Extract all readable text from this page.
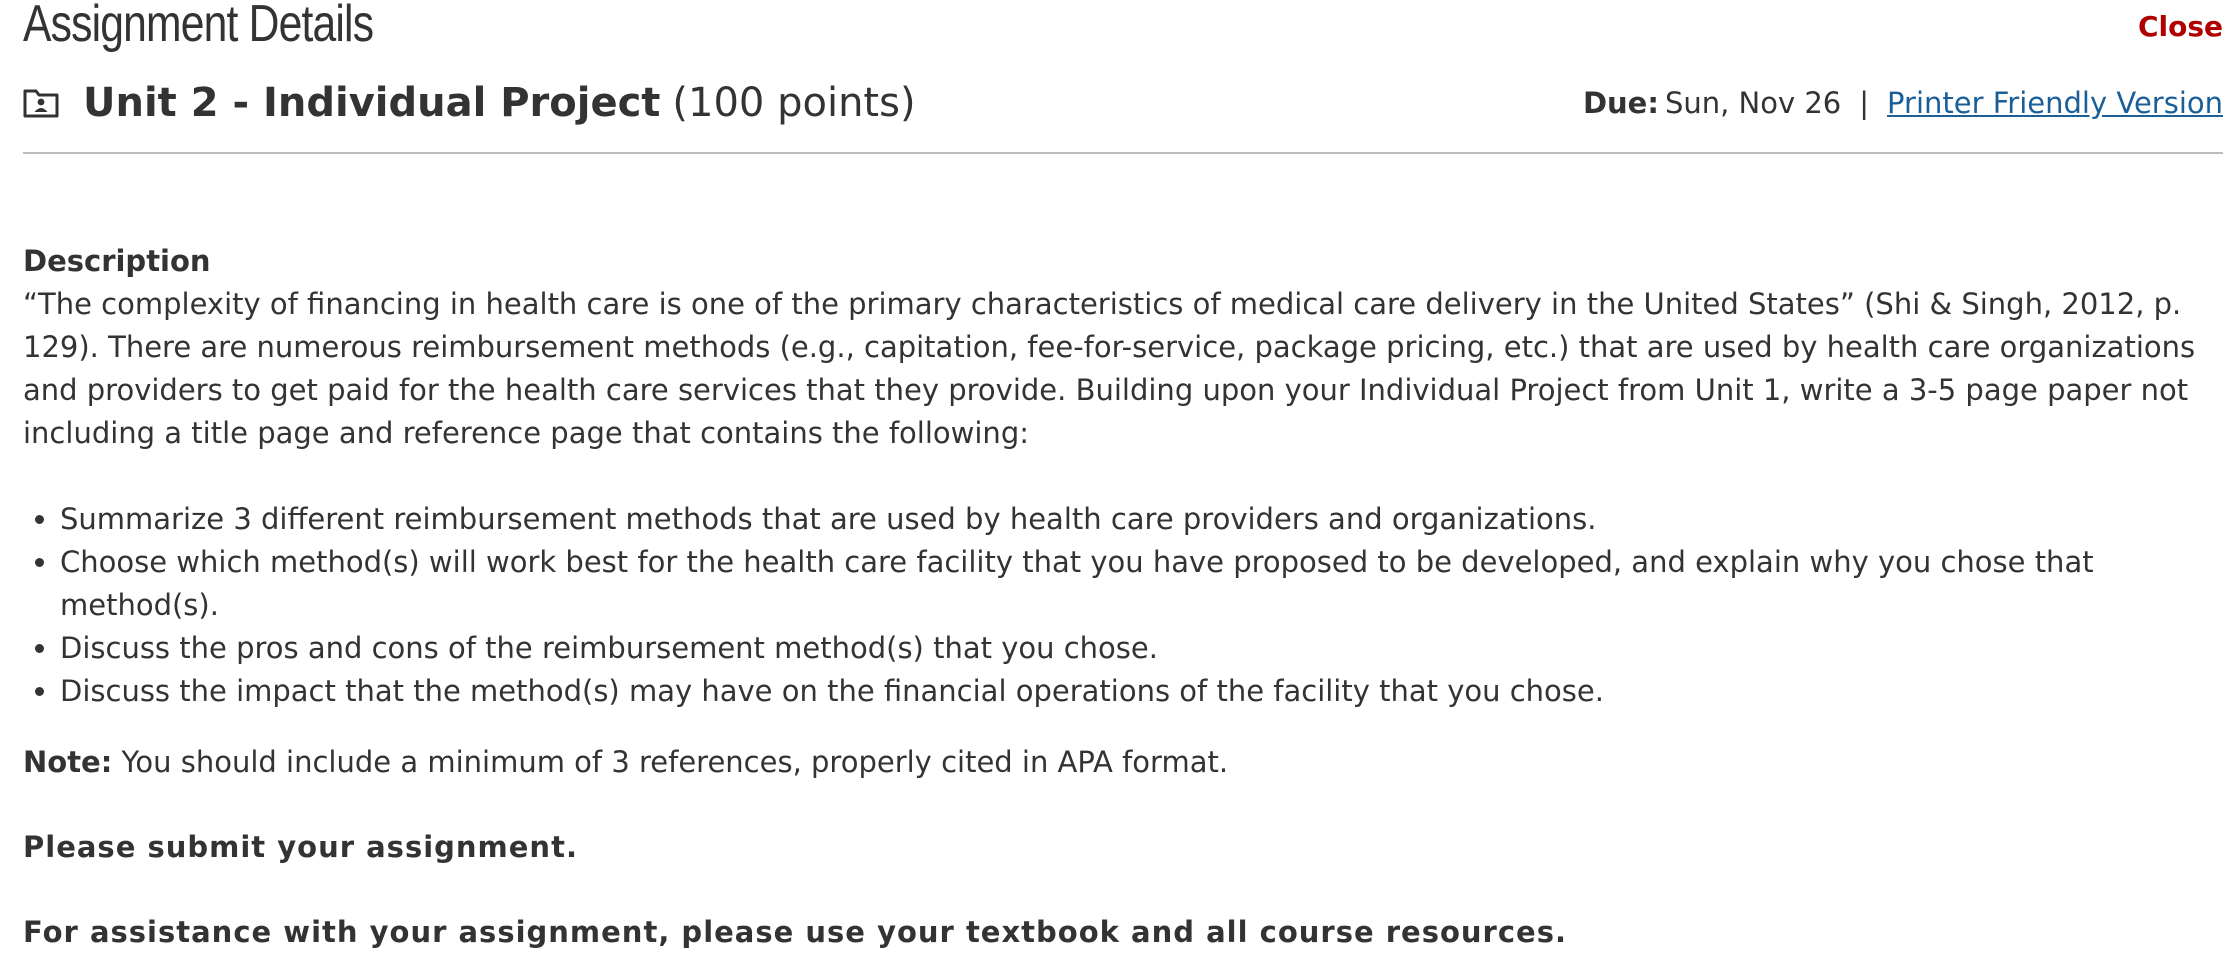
Assignment Details	Close
Unit 2 - Individual Project (100 points)	Due: Sun, Nov 26 | Printer Friendly Version

Description

“The complexity of financing in health care is one of the primary characteristics of medical care delivery in the United States” (Shi & Singh, 2012, p. 129). There are numerous reimbursement methods (e.g., capitation, fee-for-service, package pricing, etc.) that are used by health care organizations and providers to get paid for the health care services that they provide. Building upon your Individual Project from Unit 1, write a 3-5 page paper not including a title page and reference page that contains the following:

• Summarize 3 different reimbursement methods that are used by health care providers and organizations.
• Choose which method(s) will work best for the health care facility that you have proposed to be developed, and explain why you chose that method(s).
• Discuss the pros and cons of the reimbursement method(s) that you chose.
• Discuss the impact that the method(s) may have on the financial operations of the facility that you chose.

Note: You should include a minimum of 3 references, properly cited in APA format.

Please submit your assignment.

For assistance with your assignment, please use your textbook and all course resources.
